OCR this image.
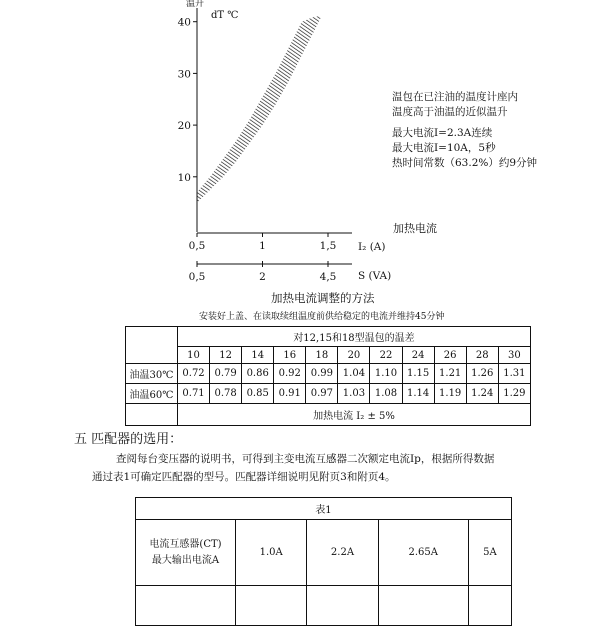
10
20
30
40
0,5	1	1,5
0,5	2	4,5
温升
dT ℃
加热电流
I₂ (A)
S (VA)
温包在已注油的温度计座内
温度高于油温的近似温升
最大电流I=2.3A连续
最大电流I=10A，5秒
热时间常数（63.2%）约9分钟
加热电流调整的方法
安装好上盖、在读取续组温度前供给稳定的电流并维持45分钟
	对12,15和18型温包的温差										
	10	12	14	16	18	20	22	24	26	28	30
油温30℃	0.72	0.79	0.86	0.92	0.99	1.04	1.10	1.15	1.21	1.26	1.31
油温60℃	0.71	0.78	0.85	0.91	0.97	1.03	1.08	1.14	1.19	1.24	1.29
	加热电流 I₂ ± 5%										
五 匹配器的选用：
查阅每台变压器的说明书，可得到主变电流互感器二次额定电流Ip，根据所得数据
通过表1可确定匹配器的型号。匹配器详细说明见附页3和附页4。
表1				

电流互感器(CT)
最大输出电流A	1.0A	2.2A	2.65A	5A
